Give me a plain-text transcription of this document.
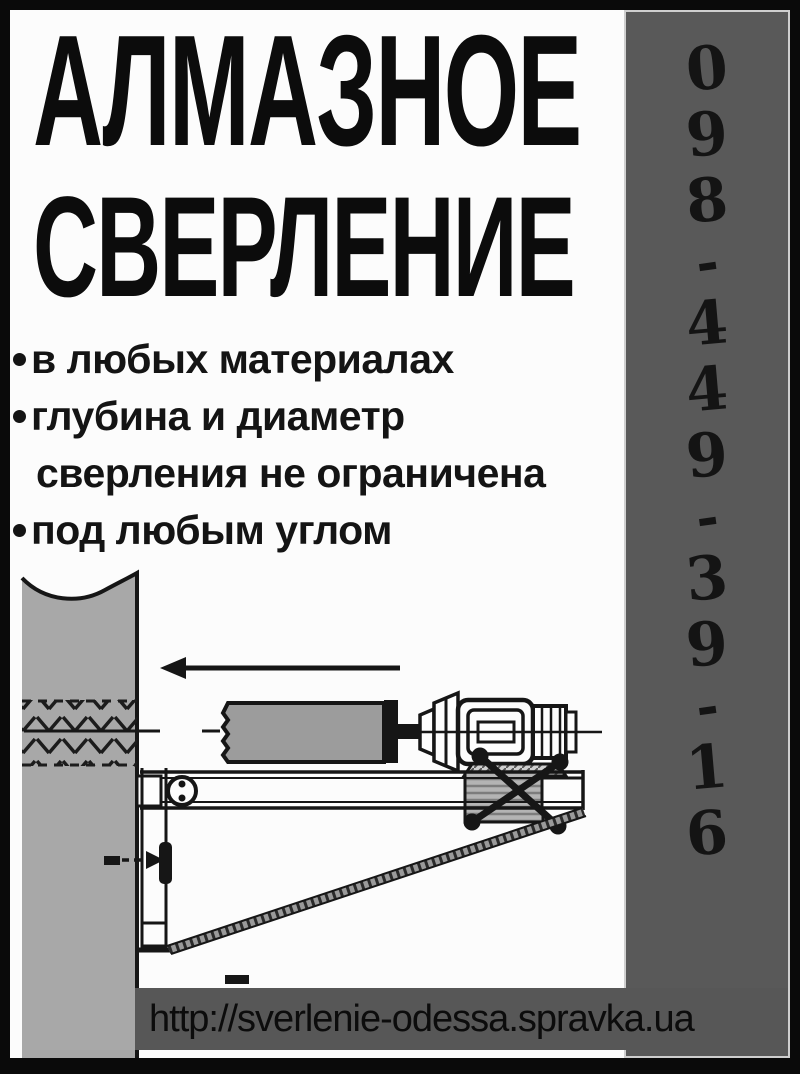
АЛМАЗНОЕ
СВЕРЛЕНИЕ
в любых материалах
глубина и диаметр
сверления не ограничена
под любым углом
0
9
8
-
4
4
9
-
3
9
-
1
6
http://sverlenie-odessa.spravka.ua
